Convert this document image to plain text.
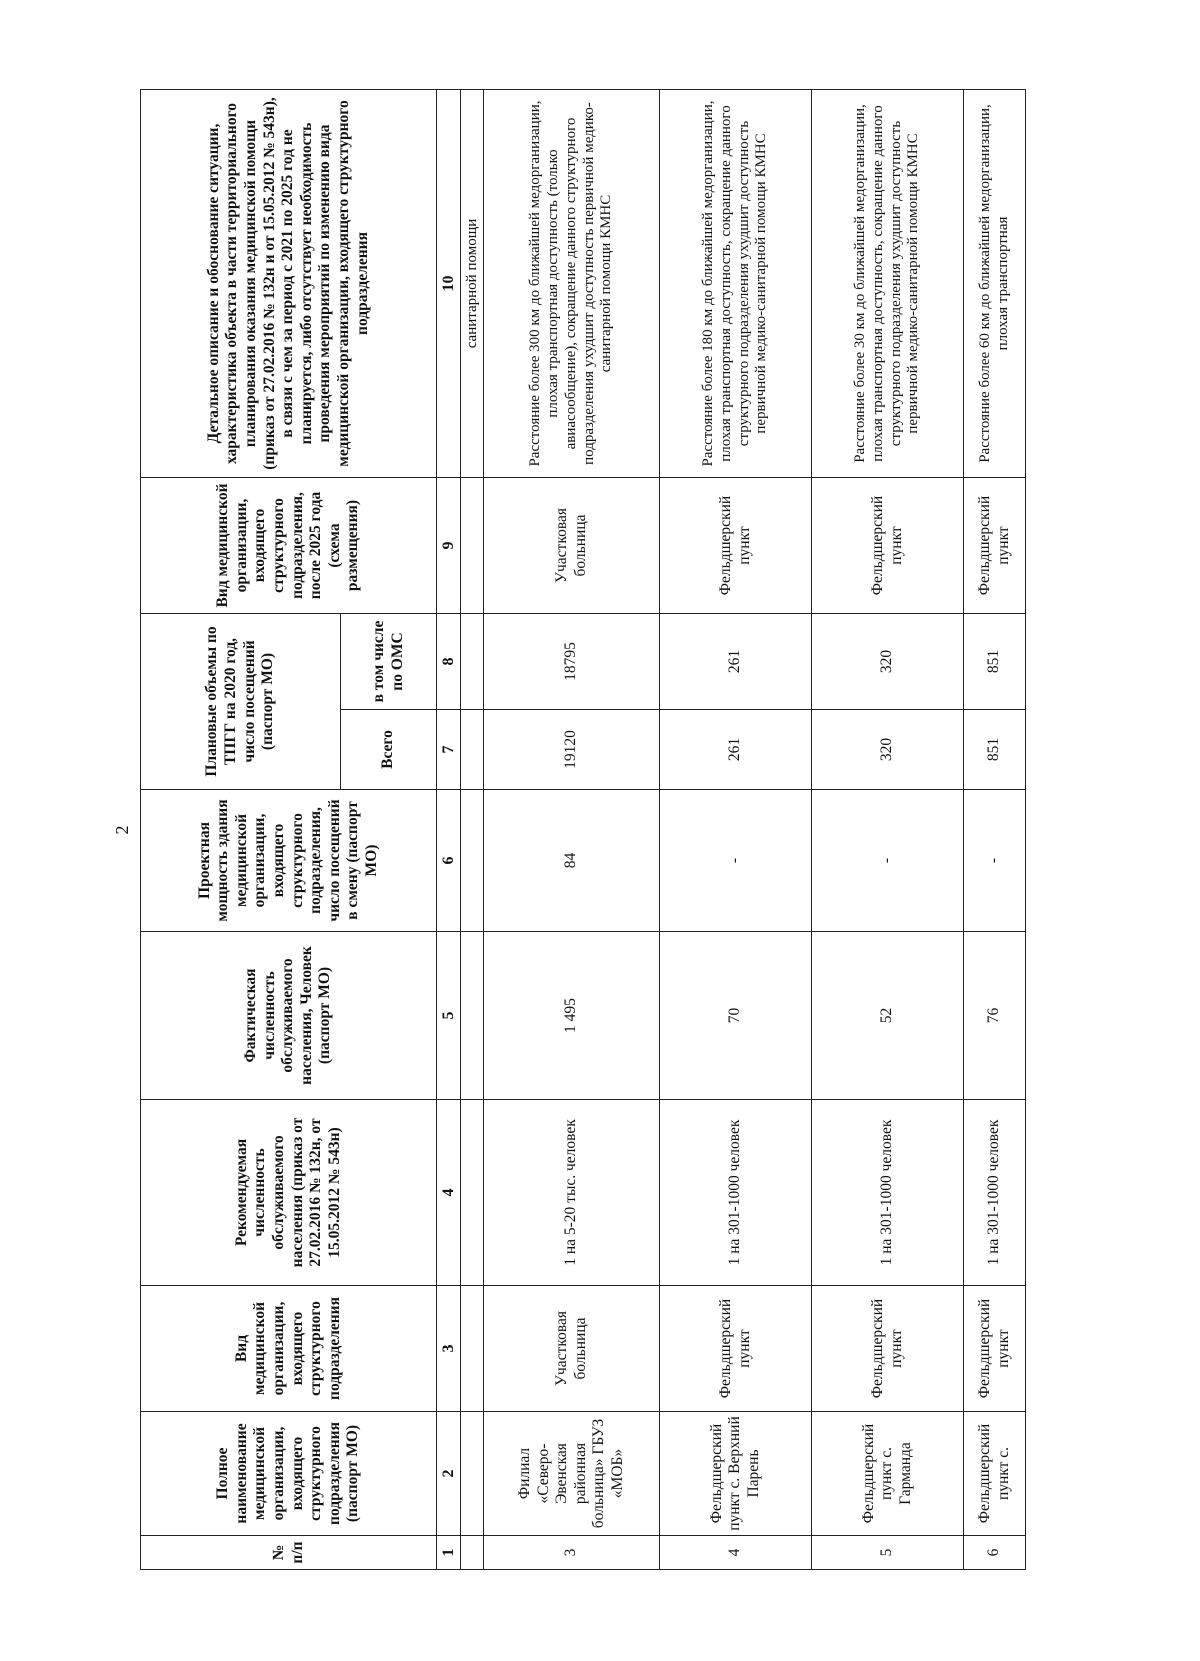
2
№ п/п	Полное наименование медицинской организации, входящего структурного подразделения (паспорт МО)	Вид медицинской организации, входящего структурного подразделения	Рекомендуемая численность обслуживаемого населения (приказ от 27.02.2016 № 132н, от 15.05.2012 № 543н)	Фактическая численность обслуживаемого населения, Человек (паспорт МО)	Проектная мощность здания медицинской организации, входящего структурного подразделения, число посещений в смену (паспорт МО)	Плановые объемы по ТПГГ на 2020 год, число посещений (паспорт МО)		Вид медицинской организации, входящего структурного подразделения, после 2025 года (схема размещения)	Детальное описание и обоснование ситуации, характеристика объекта в части территориального планирования оказания медицинской помощи (приказ от 27.02.2016 № 132н и от 15.05.2012 № 543н), в связи с чем за период с 2021 по 2025 год не планируется, либо отсутствует необходимость проведения мероприятий по изменению вида медицинской организации, входящего структурного подразделения
						Всего	в том числе по ОМС		
1	2	3	4	5	6	7	8	9	10
									санитарной помощи
3	Филиал «Северо-Эвенская районная больница» ГБУЗ «МОБ»	Участковая больница	1 на 5-20 тыс. человек	1 495	84	19120	18795	Участковая больница	Расстояние более 300 км до ближайшей медорганизации, плохая транспортная доступность (только авиасообщение), сокращение данного структурного подразделения ухудшит доступность первичной медико-санитарной помощи КМНС
4	Фельдшерский пункт с. Верхний Парень	Фельдшерский пункт	1 на 301-1000 человек	70	-	261	261	Фельдшерский пункт	Расстояние более 180 км до ближайшей медорганизации, плохая транспортная доступность, сокращение данного структурного подразделения ухудшит доступность первичной медико-санитарной помощи КМНС
5	Фельдшерский пункт с. Гарманда	Фельдшерский пункт	1 на 301-1000 человек	52	-	320	320	Фельдшерский пункт	Расстояние более 30 км до ближайшей медорганизации, плохая транспортная доступность, сокращение данного структурного подразделения ухудшит доступность первичной медико-санитарной помощи КМНС
6	Фельдшерский пункт с.	Фельдшерский пункт	1 на 301-1000 человек	76	-	851	851	Фельдшерский пункт	Расстояние более 60 км до ближайшей медорганизации, плохая транспортная
